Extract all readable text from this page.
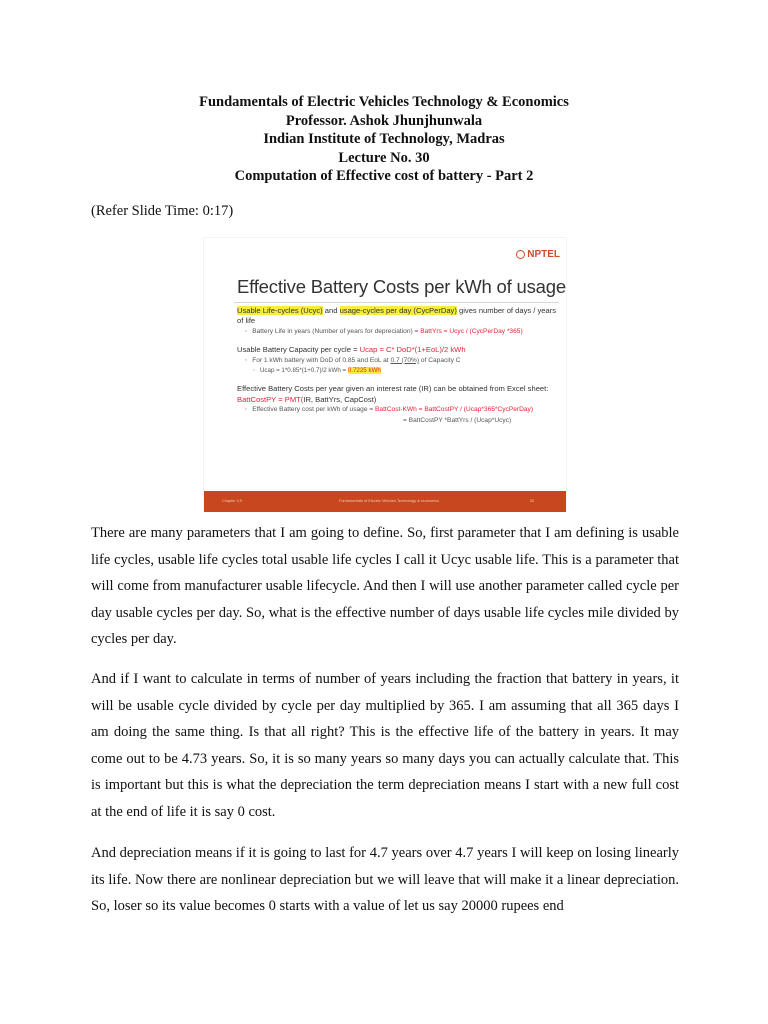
Fundamentals of Electric Vehicles Technology & Economics
Professor. Ashok Jhunjhunwala
Indian Institute of Technology, Madras
Lecture No. 30
Computation of Effective cost of battery - Part 2
(Refer Slide Time: 0:17)
NPTEL
Effective Battery Costs per kWh of usage
Usable Life-cycles (Ucyc) and usage-cycles per day (CycPerDay) gives number of days / years of life
◦ Battery Life in years (Number of years for depreciation) = BattYrs = Ucyc / (CycPerDay *365)
Usable Battery Capacity per cycle = Ucap = C* DoD*(1+EoL)/2 kWh
◦ For 1 kWh battery with DoD of 0.85 and EoL at 0.7 (70%) of Capacity C
◦ Ucap = 1*0.85*(1+0.7)/2 kWh = 0.7225 kWh
Effective Battery Costs per year given an interest rate (IR) can be obtained from Excel sheet: BattCostPY = PMT(IR, BattYrs, CapCost)
◦ Effective Battery cost per kWh of usage = BattCost-KWh = BattCostPY / (Ucap*365*CycPerDay)
= BattCostPY *BattYrs / (Ucap*Ucyc)
Chapter 4.5	Fundamentals of Electric Vehicles Technology & economics	30

There are many parameters that I am going to define. So, first parameter that I am defining is usable life cycles, usable life cycles total usable life cycles I call it Ucyc usable life. This is a parameter that will come from manufacturer usable lifecycle. And then I will use another parameter called cycle per day usable cycles per day. So, what is the effective number of days usable life cycles mile divided by cycles per day.

And if I want to calculate in terms of number of years including the fraction that battery in years, it will be usable cycle divided by cycle per day multiplied by 365. I am assuming that all 365 days I am doing the same thing. Is that all right? This is the effective life of the battery in years. It may come out to be 4.73 years. So, it is so many years so many days you can actually calculate that. This is important but this is what the depreciation the term depreciation means I start with a new full cost at the end of life it is say 0 cost.

And depreciation means if it is going to last for 4.7 years over 4.7 years I will keep on losing linearly its life. Now there are nonlinear depreciation but we will leave that will make it a linear depreciation. So, loser so its value becomes 0 starts with a value of let us say 20000 rupees end
